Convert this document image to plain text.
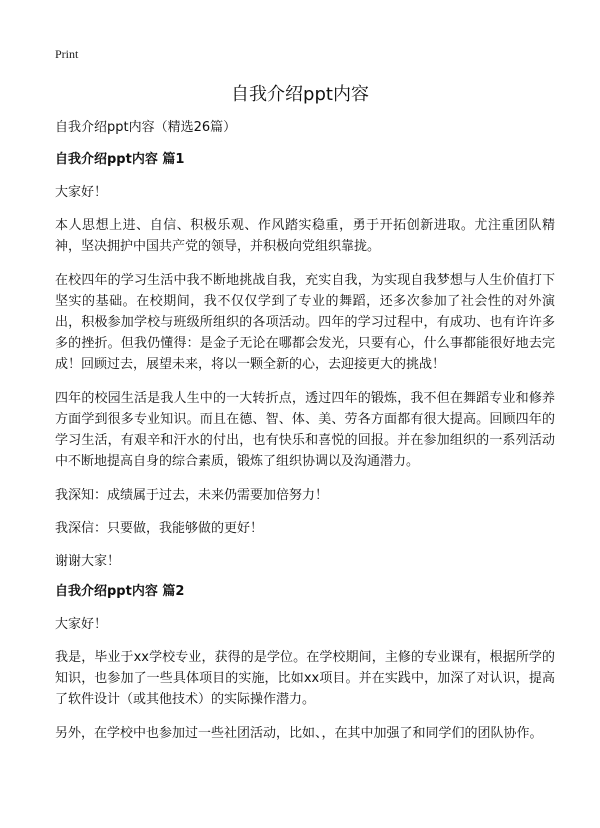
Print
自我介绍ppt内容

自我介绍ppt内容（精选26篇）

自我介绍ppt内容 篇1

大家好！

本人思想上进、自信、积极乐观、作风踏实稳重，勇于开拓创新进取。尤注重团队精神，坚决拥护中国共产党的领导，并积极向党组织靠拢。

在校四年的学习生活中我不断地挑战自我，充实自我，为实现自我梦想与人生价值打下坚实的基础。在校期间，我不仅仅学到了专业的舞蹈，还多次参加了社会性的对外演出，积极参加学校与班级所组织的各项活动。四年的学习过程中，有成功、也有许许多多的挫折。但我仍懂得：是金子无论在哪都会发光，只要有心，什么事都能很好地去完成！回顾过去，展望未来，将以一颗全新的心，去迎接更大的挑战！

四年的校园生活是我人生中的一大转折点，透过四年的锻炼，我不但在舞蹈专业和修养方面学到很多专业知识。而且在德、智、体、美、劳各方面都有很大提高。回顾四年的学习生活，有艰辛和汗水的付出，也有快乐和喜悦的回报。并在参加组织的一系列活动中不断地提高自身的综合素质，锻炼了组织协调以及沟通潜力。

我深知：成绩属于过去，未来仍需要加倍努力！

我深信：只要做，我能够做的更好！

谢谢大家！

自我介绍ppt内容 篇2

大家好！

我是，毕业于xx学校专业，获得的是学位。在学校期间，主修的专业课有，根据所学的知识，也参加了一些具体项目的实施，比如xx项目。并在实践中，加深了对认识，提高了软件设计（或其他技术）的实际操作潜力。

另外，在学校中也参加过一些社团活动，比如、，在其中加强了和同学们的团队协作。
